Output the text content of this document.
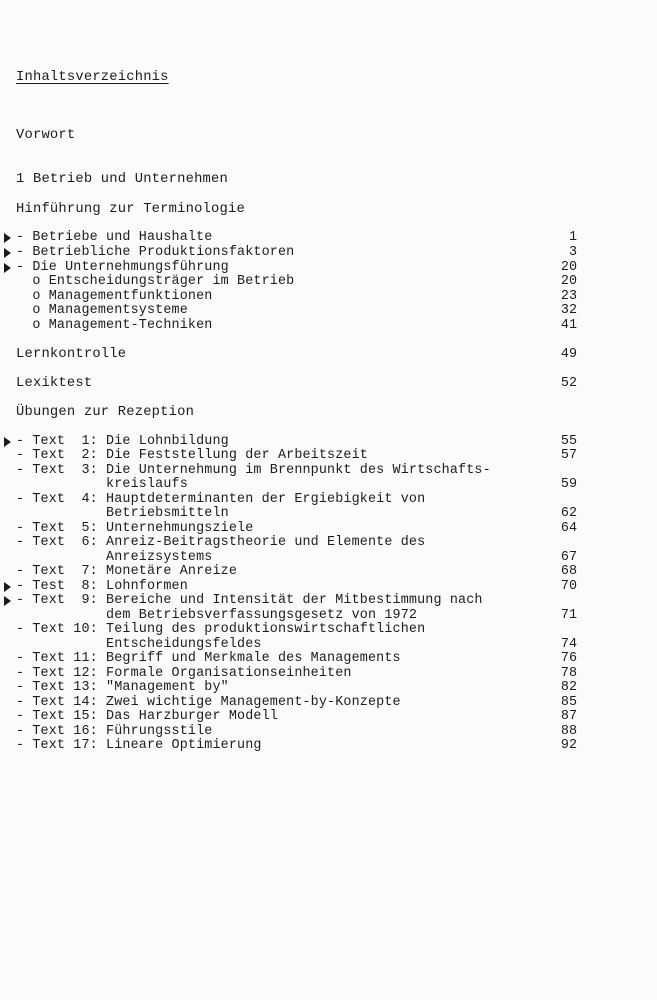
Inhaltsverzeichnis
Vorwort
1 Betrieb und Unternehmen
Hinführung zur Terminologie
- Betriebe und Haushalte	1
- Betriebliche Produktionsfaktoren	3
- Die Unternehmungsführung	20
o Entscheidungsträger im Betrieb	20
o Managementfunktionen	23
o Managementsysteme	32
o Management-Techniken	41
Lernkontrolle	49
Lexiktest	52
Übungen zur Rezeption
- Text  1: Die Lohnbildung	55
- Text  2: Die Feststellung der Arbeitszeit	57
- Text  3: Die Unternehmung im Brennpunkt des Wirtschafts-
kreislaufs	59
- Text  4: Hauptdeterminanten der Ergiebigkeit von
Betriebsmitteln	62
- Text  5: Unternehmungsziele	64
- Text  6: Anreiz-Beitragstheorie und Elemente des
Anreizsystems	67
- Text  7: Monetäre Anreize	68
- Test  8: Lohnformen	70
- Text  9: Bereiche und Intensität der Mitbestimmung nach
dem Betriebsverfassungsgesetz von 1972	71
- Text 10: Teilung des produktionswirtschaftlichen
Entscheidungsfeldes	74
- Text 11: Begriff und Merkmale des Managements	76
- Text 12: Formale Organisationseinheiten	78
- Text 13: "Management by"	82
- Text 14: Zwei wichtige Management-by-Konzepte	85
- Text 15: Das Harzburger Modell	87
- Text 16: Führungsstile	88
- Text 17: Lineare Optimierung	92
